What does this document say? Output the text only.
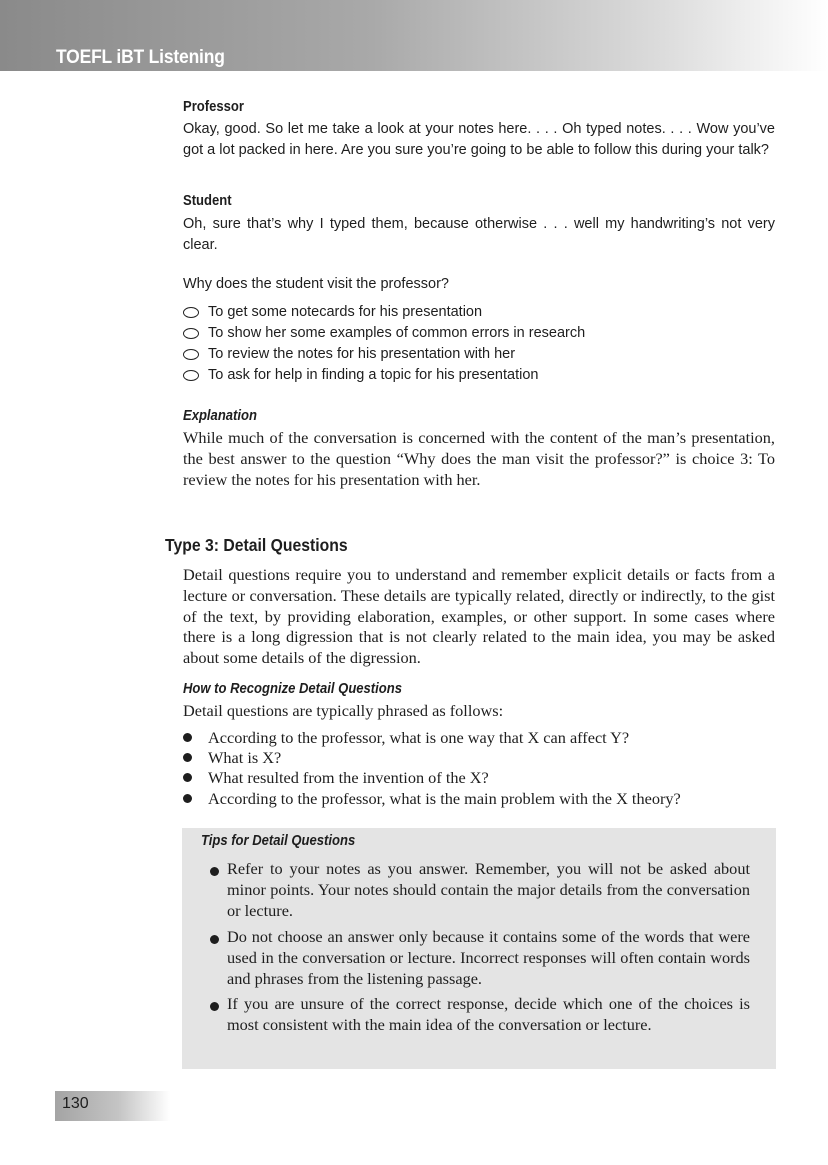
TOEFL iBT Listening
Professor
Okay, good. So let me take a look at your notes here. . . . Oh typed notes. . . . Wow you’ve got a lot packed in here. Are you sure you’re going to be able to follow this during your talk?
Student
Oh, sure that’s why I typed them, because otherwise . . . well my handwriting’s not very clear.
Why does the student visit the professor?
To get some notecards for his presentation
To show her some examples of common errors in research
To review the notes for his presentation with her
To ask for help in finding a topic for his presentation
Explanation
While much of the conversation is concerned with the content of the man’s presentation, the best answer to the question “Why does the man visit the professor?” is choice 3: To review the notes for his presentation with her.
Type 3: Detail Questions
Detail questions require you to understand and remember explicit details or facts from a lecture or conversation. These details are typically related, directly or indirectly, to the gist of the text, by providing elaboration, examples, or other support. In some cases where there is a long digression that is not clearly related to the main idea, you may be asked about some details of the digression.
How to Recognize Detail Questions
Detail questions are typically phrased as follows:
According to the professor, what is one way that X can affect Y?
What is X?
What resulted from the invention of the X?
According to the professor, what is the main problem with the X theory?
Tips for Detail Questions
Refer to your notes as you answer. Remember, you will not be asked about minor points. Your notes should contain the major details from the conversation or lecture.
Do not choose an answer only because it contains some of the words that were used in the conversation or lecture. Incorrect responses will often contain words and phrases from the listening passage.
If you are unsure of the correct response, decide which one of the choices is most consistent with the main idea of the conversation or lecture.
130
